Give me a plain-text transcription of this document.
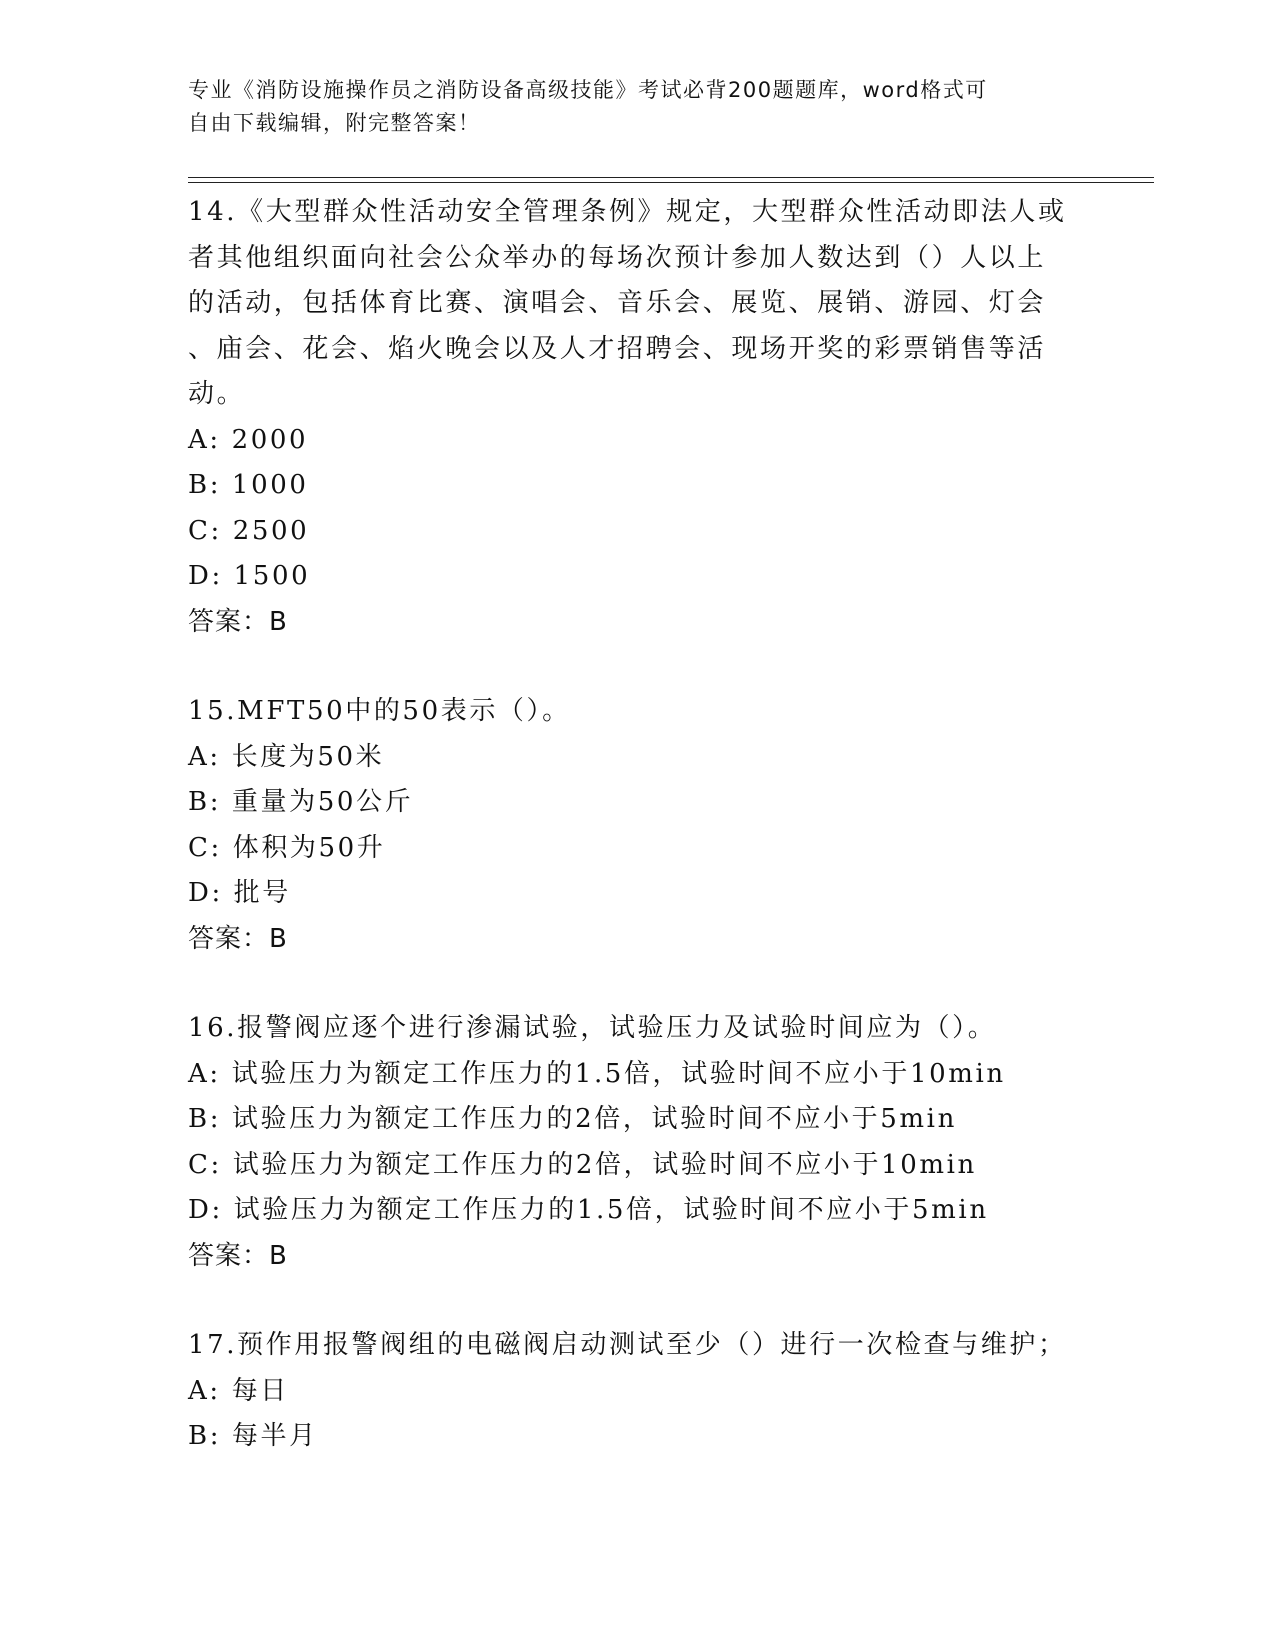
专业《消防设施操作员之消防设备高级技能》考试必背200题题库，word格式可
自由下载编辑，附完整答案！
14.《大型群众性活动安全管理条例》规定，大型群众性活动即法人或
者其他组织面向社会公众举办的每场次预计参加人数达到（）人以上
的活动，包括体育比赛、演唱会、音乐会、展览、展销、游园、灯会
、庙会、花会、焰火晚会以及人才招聘会、现场开奖的彩票销售等活
动。
A: 2000
B: 1000
C: 2500
D: 1500
答案：B
15.MFT50中的50表示（）。
A: 长度为50米
B: 重量为50公斤
C: 体积为50升
D: 批号
答案：B
16.报警阀应逐个进行渗漏试验，试验压力及试验时间应为（）。
A: 试验压力为额定工作压力的1.5倍，试验时间不应小于10min
B: 试验压力为额定工作压力的2倍，试验时间不应小于5min
C: 试验压力为额定工作压力的2倍，试验时间不应小于10min
D: 试验压力为额定工作压力的1.5倍，试验时间不应小于5min
答案：B
17.预作用报警阀组的电磁阀启动测试至少（）进行一次检查与维护；
A: 每日
B: 每半月
